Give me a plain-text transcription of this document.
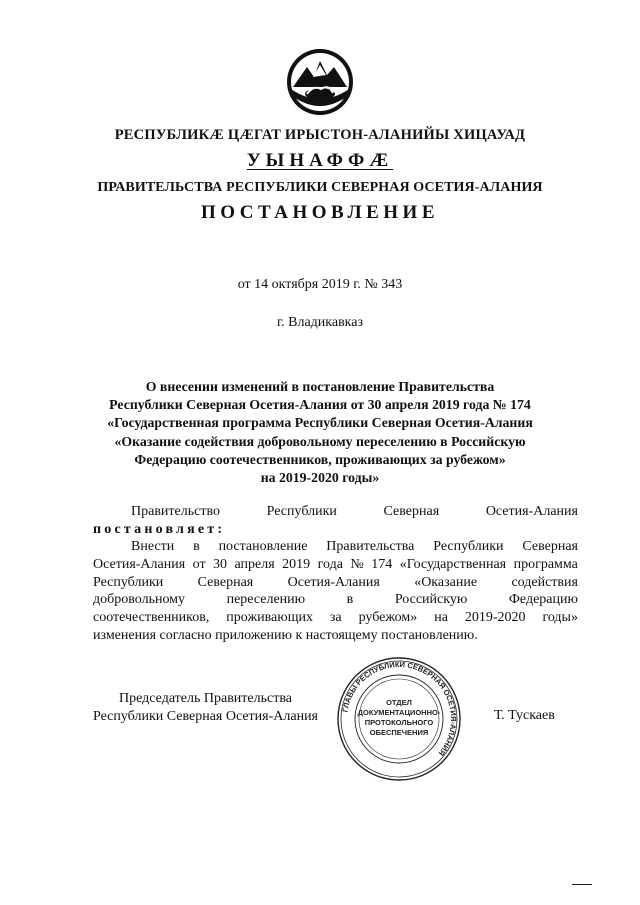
РЕСПУБЛИКӔ ЦӔГАТ ИРЫСТОН-АЛАНИЙЫ ХИЦАУАД
УЫНАФФӔ
ПРАВИТЕЛЬСТВА РЕСПУБЛИКИ СЕВЕРНАЯ ОСЕТИЯ-АЛАНИЯ
ПОСТАНОВЛЕНИЕ
от 14 октября 2019 г. № 343
г. Владикавказ
О внесении изменений в постановление Правительства
Республики Северная Осетия-Алания от 30 апреля 2019 года № 174
«Государственная программа Республики Северная Осетия-Алания
«Оказание содействия добровольному переселению в Российскую
Федерацию соотечественников, проживающих за рубежом»
на 2019-2020 годы»
Правительство	Республики	Северная	Осетия-Алания
постановляет:
Внести в постановление Правительства Республики Северная
Осетия-Алания от 30 апреля 2019 года № 174 «Государственная программа
Республики Северная Осетия-Алания «Оказание содействия
добровольному	переселению	в	Российскую	Федерацию
соотечественников, проживающих за рубежом» на 2019-2020 годы»
изменения согласно приложению к настоящему постановлению.
Председатель Правительства
Республики Северная Осетия-Алания	ГЛАВЫ РЕСПУБЛИКИ СЕВЕРНАЯ ОСЕТИЯ-АЛАНИЯ
ОТДЕЛ
ДОКУМЕНТАЦИОННО-
ПРОТОКОЛЬНОГО
ОБЕСПЕЧЕНИЯ
Т. Тускаев
